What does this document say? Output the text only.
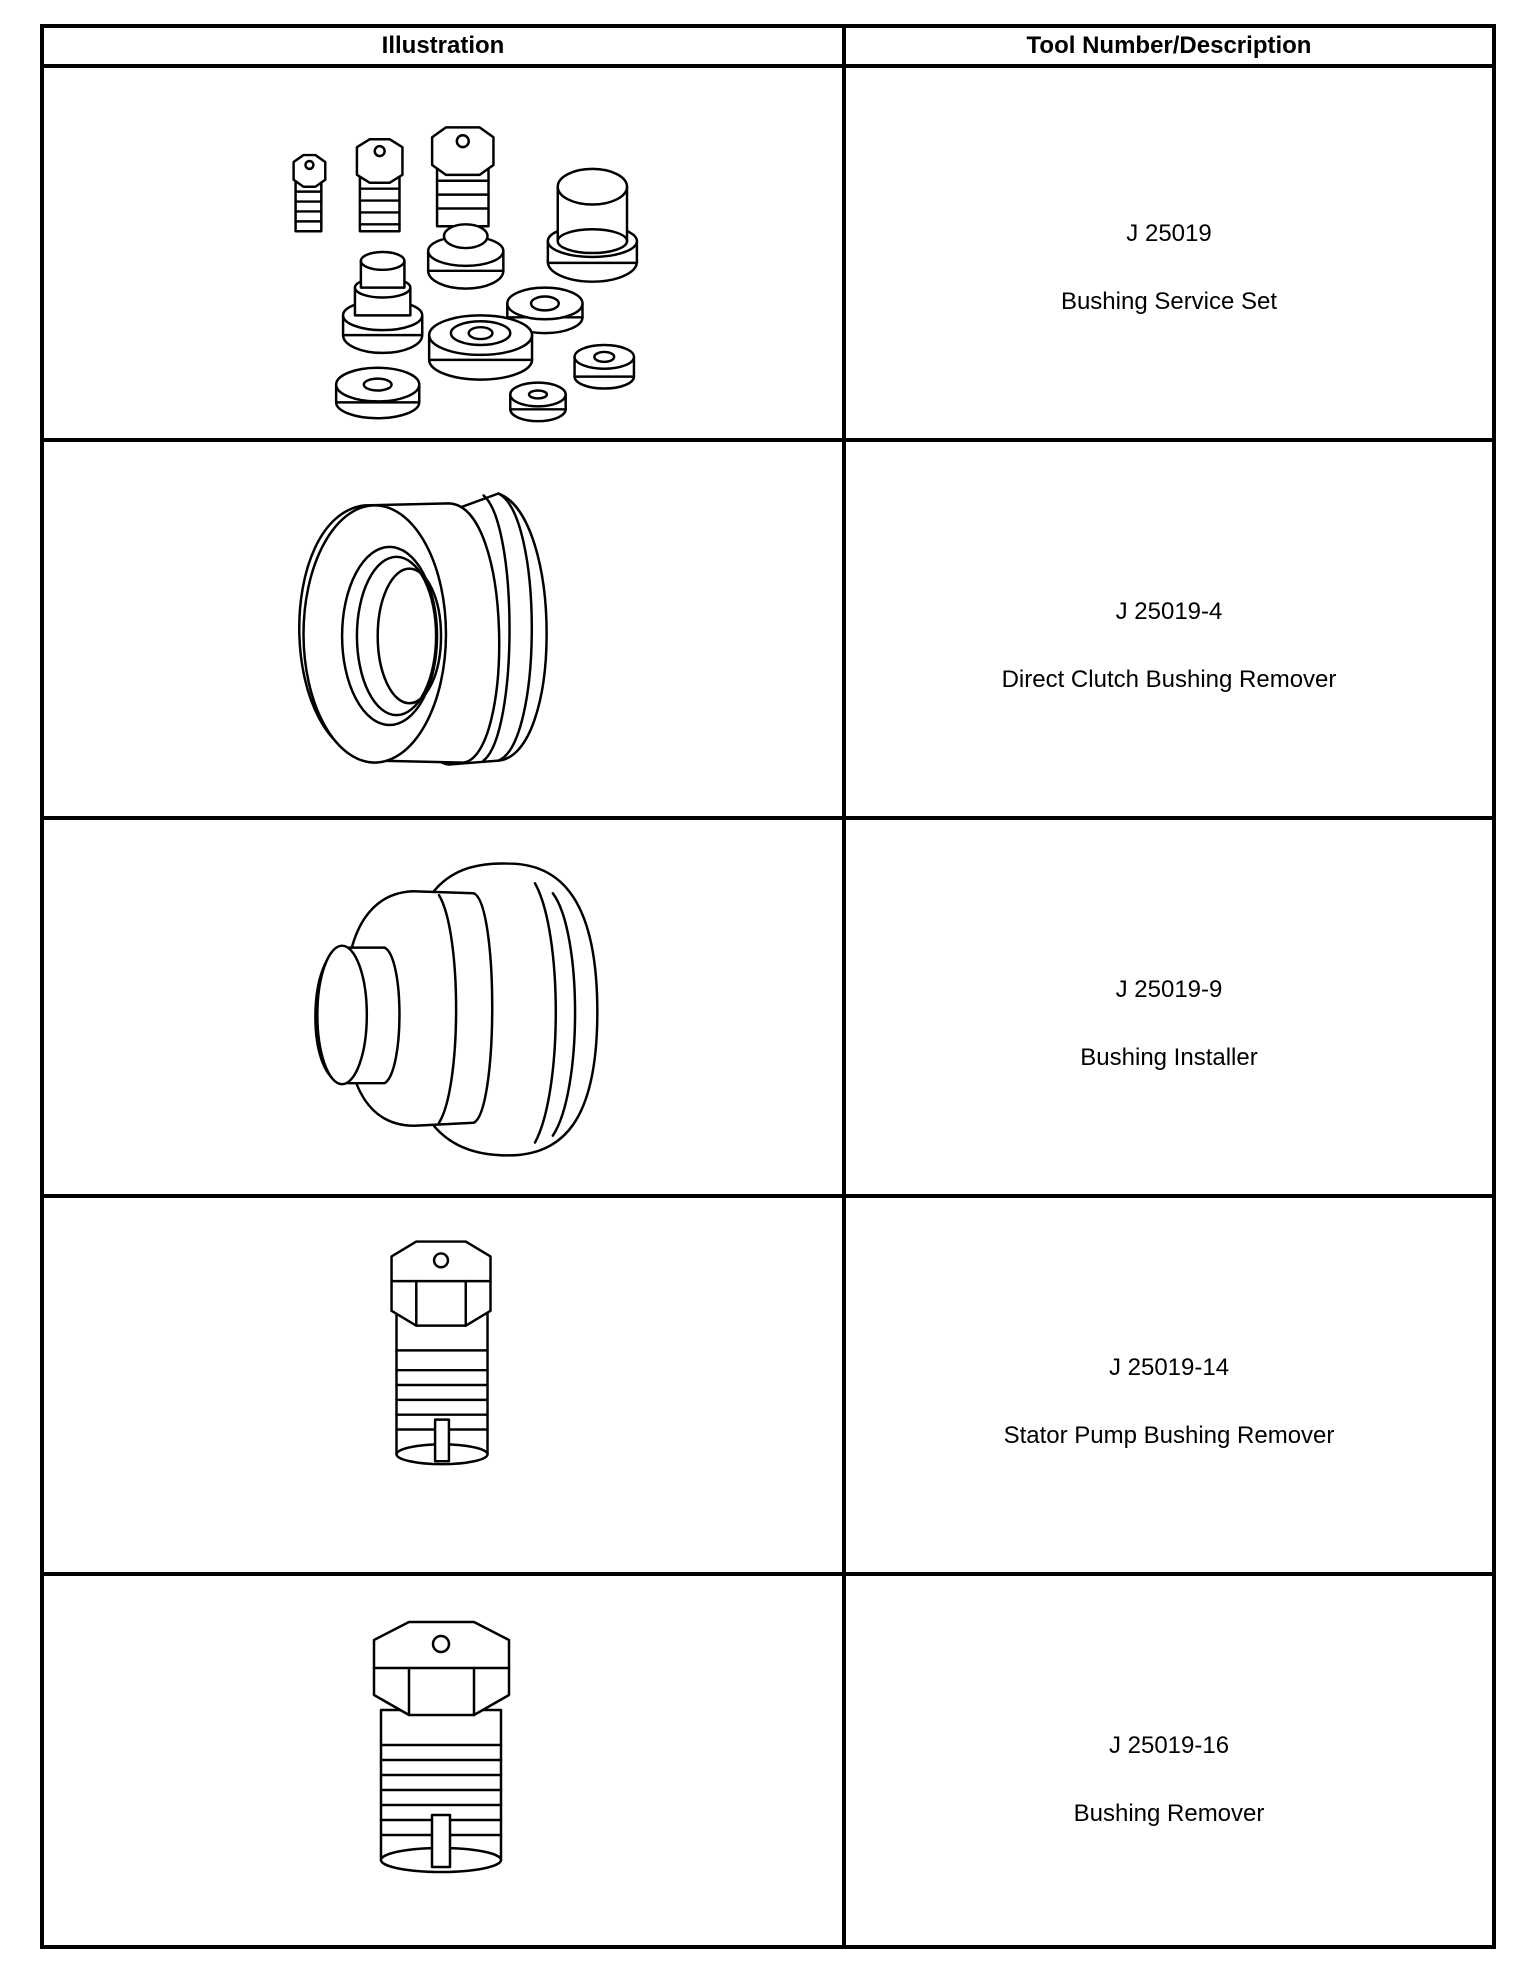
Illustration	Tool Number/Description
J 25019
Bushing Service Set
J 25019-4
Direct Clutch Bushing Remover
J 25019-9
Bushing Installer
J 25019-14
Stator Pump Bushing Remover
J 25019-16
Bushing Remover
